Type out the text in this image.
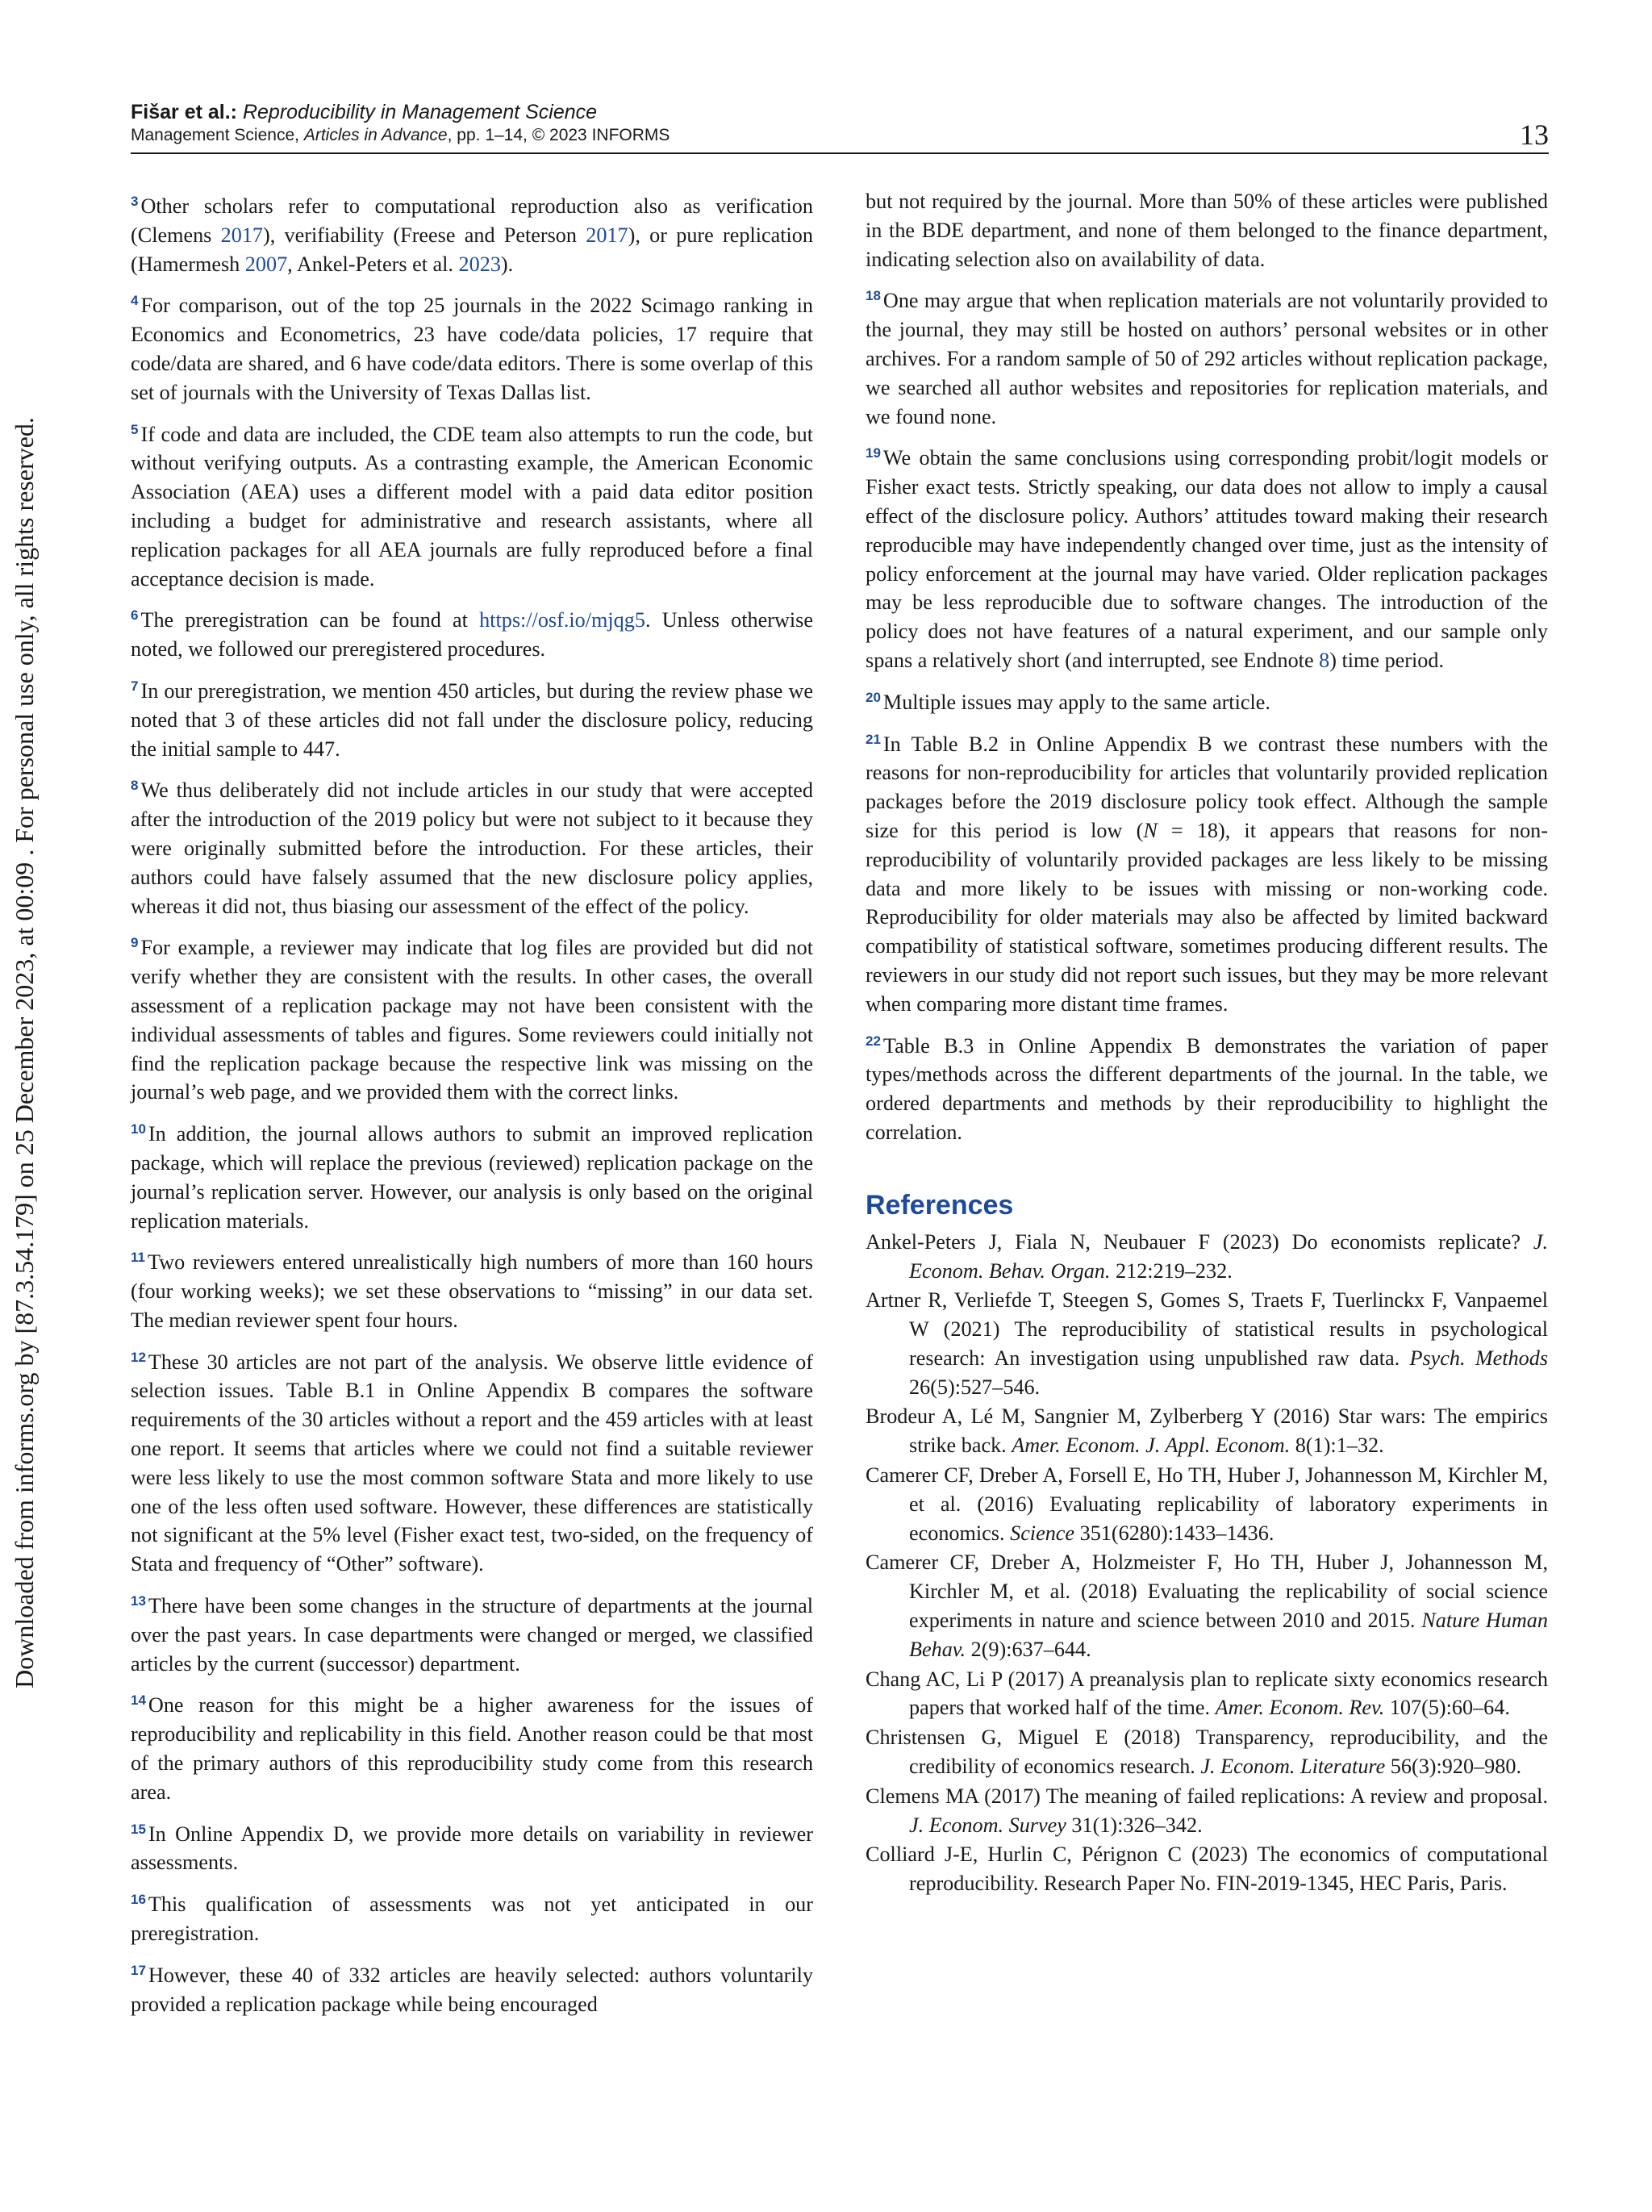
Downloaded from informs.org by [87.3.54.179] on 25 December 2023, at 00:09 . For personal use only, all rights reserved.
Fišar et al.: Reproducibility in Management Science
Management Science, Articles in Advance, pp. 1–14, © 2023 INFORMS	13

$^3$ Other scholars refer to computational reproduction also as verification (Clemens 2017), verifiability (Freese and Peterson 2017), or pure replication (Hamermesh 2007, Ankel-Peters et al. 2023).

$^4$ For comparison, out of the top 25 journals in the 2022 Scimago ranking in Economics and Econometrics, 23 have code/data policies, 17 require that code/data are shared, and 6 have code/data editors. There is some overlap of this set of journals with the University of Texas Dallas list.

$^5$ If code and data are included, the CDE team also attempts to run the code, but without verifying outputs. As a contrasting example, the American Economic Association (AEA) uses a different model with a paid data editor position including a budget for administrative and research assistants, where all replication packages for all AEA journals are fully reproduced before a final acceptance decision is made.

$^6$ The preregistration can be found at https://osf.io/mjqg5. Unless otherwise noted, we followed our preregistered procedures.

$^7$ In our preregistration, we mention 450 articles, but during the review phase we noted that 3 of these articles did not fall under the disclosure policy, reducing the initial sample to 447.

$^8$ We thus deliberately did not include articles in our study that were accepted after the introduction of the 2019 policy but were not subject to it because they were originally submitted before the introduction. For these articles, their authors could have falsely assumed that the new disclosure policy applies, whereas it did not, thus biasing our assessment of the effect of the policy.

$^9$ For example, a reviewer may indicate that log files are provided but did not verify whether they are consistent with the results. In other cases, the overall assessment of a replication package may not have been consistent with the individual assessments of tables and figures. Some reviewers could initially not find the replication package because the respective link was missing on the journal’s web page, and we provided them with the correct links.

$^{10}$ In addition, the journal allows authors to submit an improved replication package, which will replace the previous (reviewed) replication package on the journal’s replication server. However, our analysis is only based on the original replication materials.

$^{11}$ Two reviewers entered unrealistically high numbers of more than 160 hours (four working weeks); we set these observations to “missing” in our data set. The median reviewer spent four hours.

$^{12}$ These 30 articles are not part of the analysis. We observe little evidence of selection issues. Table B.1 in Online Appendix B compares the software requirements of the 30 articles without a report and the 459 articles with at least one report. It seems that articles where we could not find a suitable reviewer were less likely to use the most common software Stata and more likely to use one of the less often used software. However, these differences are statistically not significant at the 5% level (Fisher exact test, two-sided, on the frequency of Stata and frequency of “Other” software).

$^{13}$ There have been some changes in the structure of departments at the journal over the past years. In case departments were changed or merged, we classified articles by the current (successor) department.

$^{14}$ One reason for this might be a higher awareness for the issues of reproducibility and replicability in this field. Another reason could be that most of the primary authors of this reproducibility study come from this research area.

$^{15}$ In Online Appendix D, we provide more details on variability in reviewer assessments.

$^{16}$ This qualification of assessments was not yet anticipated in our preregistration.

$^{17}$ However, these 40 of 332 articles are heavily selected: authors voluntarily provided a replication package while being encouraged

but not required by the journal. More than 50% of these articles were published in the BDE department, and none of them belonged to the finance department, indicating selection also on availability of data.

$^{18}$ One may argue that when replication materials are not voluntarily provided to the journal, they may still be hosted on authors’ personal websites or in other archives. For a random sample of 50 of 292 articles without replication package, we searched all author websites and repositories for replication materials, and we found none.

$^{19}$ We obtain the same conclusions using corresponding probit/logit models or Fisher exact tests. Strictly speaking, our data does not allow to imply a causal effect of the disclosure policy. Authors’ attitudes toward making their research reproducible may have independently changed over time, just as the intensity of policy enforcement at the journal may have varied. Older replication packages may be less reproducible due to software changes. The introduction of the policy does not have features of a natural experiment, and our sample only spans a relatively short (and interrupted, see Endnote 8) time period.

$^{20}$ Multiple issues may apply to the same article.

$^{21}$ In Table B.2 in Online Appendix B we contrast these numbers with the reasons for non-reproducibility for articles that voluntarily provided replication packages before the 2019 disclosure policy took effect. Although the sample size for this period is low (N = 18), it appears that reasons for non-reproducibility of voluntarily provided packages are less likely to be missing data and more likely to be issues with missing or non-working code. Reproducibility for older materials may also be affected by limited backward compatibility of statistical software, sometimes producing different results. The reviewers in our study did not report such issues, but they may be more relevant when comparing more distant time frames.

$^{22}$ Table B.3 in Online Appendix B demonstrates the variation of paper types/methods across the different departments of the journal. In the table, we ordered departments and methods by their reproducibility to highlight the correlation.

References

Ankel-Peters J, Fiala N, Neubauer F (2023) Do economists replicate? J. Econom. Behav. Organ. 212:219–232.

Artner R, Verliefde T, Steegen S, Gomes S, Traets F, Tuerlinckx F, Vanpaemel W (2021) The reproducibility of statistical results in psychological research: An investigation using unpublished raw data. Psych. Methods 26(5):527–546.

Brodeur A, Lé M, Sangnier M, Zylberberg Y (2016) Star wars: The empirics strike back. Amer. Econom. J. Appl. Econom. 8(1):1–32.

Camerer CF, Dreber A, Forsell E, Ho TH, Huber J, Johannesson M, Kirchler M, et al. (2016) Evaluating replicability of laboratory experiments in economics. Science 351(6280):1433–1436.

Camerer CF, Dreber A, Holzmeister F, Ho TH, Huber J, Johannesson M, Kirchler M, et al. (2018) Evaluating the replicability of social science experiments in nature and science between 2010 and 2015. Nature Human Behav. 2(9):637–644.

Chang AC, Li P (2017) A preanalysis plan to replicate sixty economics research papers that worked half of the time. Amer. Econom. Rev. 107(5):60–64.

Christensen G, Miguel E (2018) Transparency, reproducibility, and the credibility of economics research. J. Econom. Literature 56(3):920–980.

Clemens MA (2017) The meaning of failed replications: A review and proposal. J. Econom. Survey 31(1):326–342.

Colliard J-E, Hurlin C, Pérignon C (2023) The economics of computational reproducibility. Research Paper No. FIN-2019-1345, HEC Paris, Paris.
